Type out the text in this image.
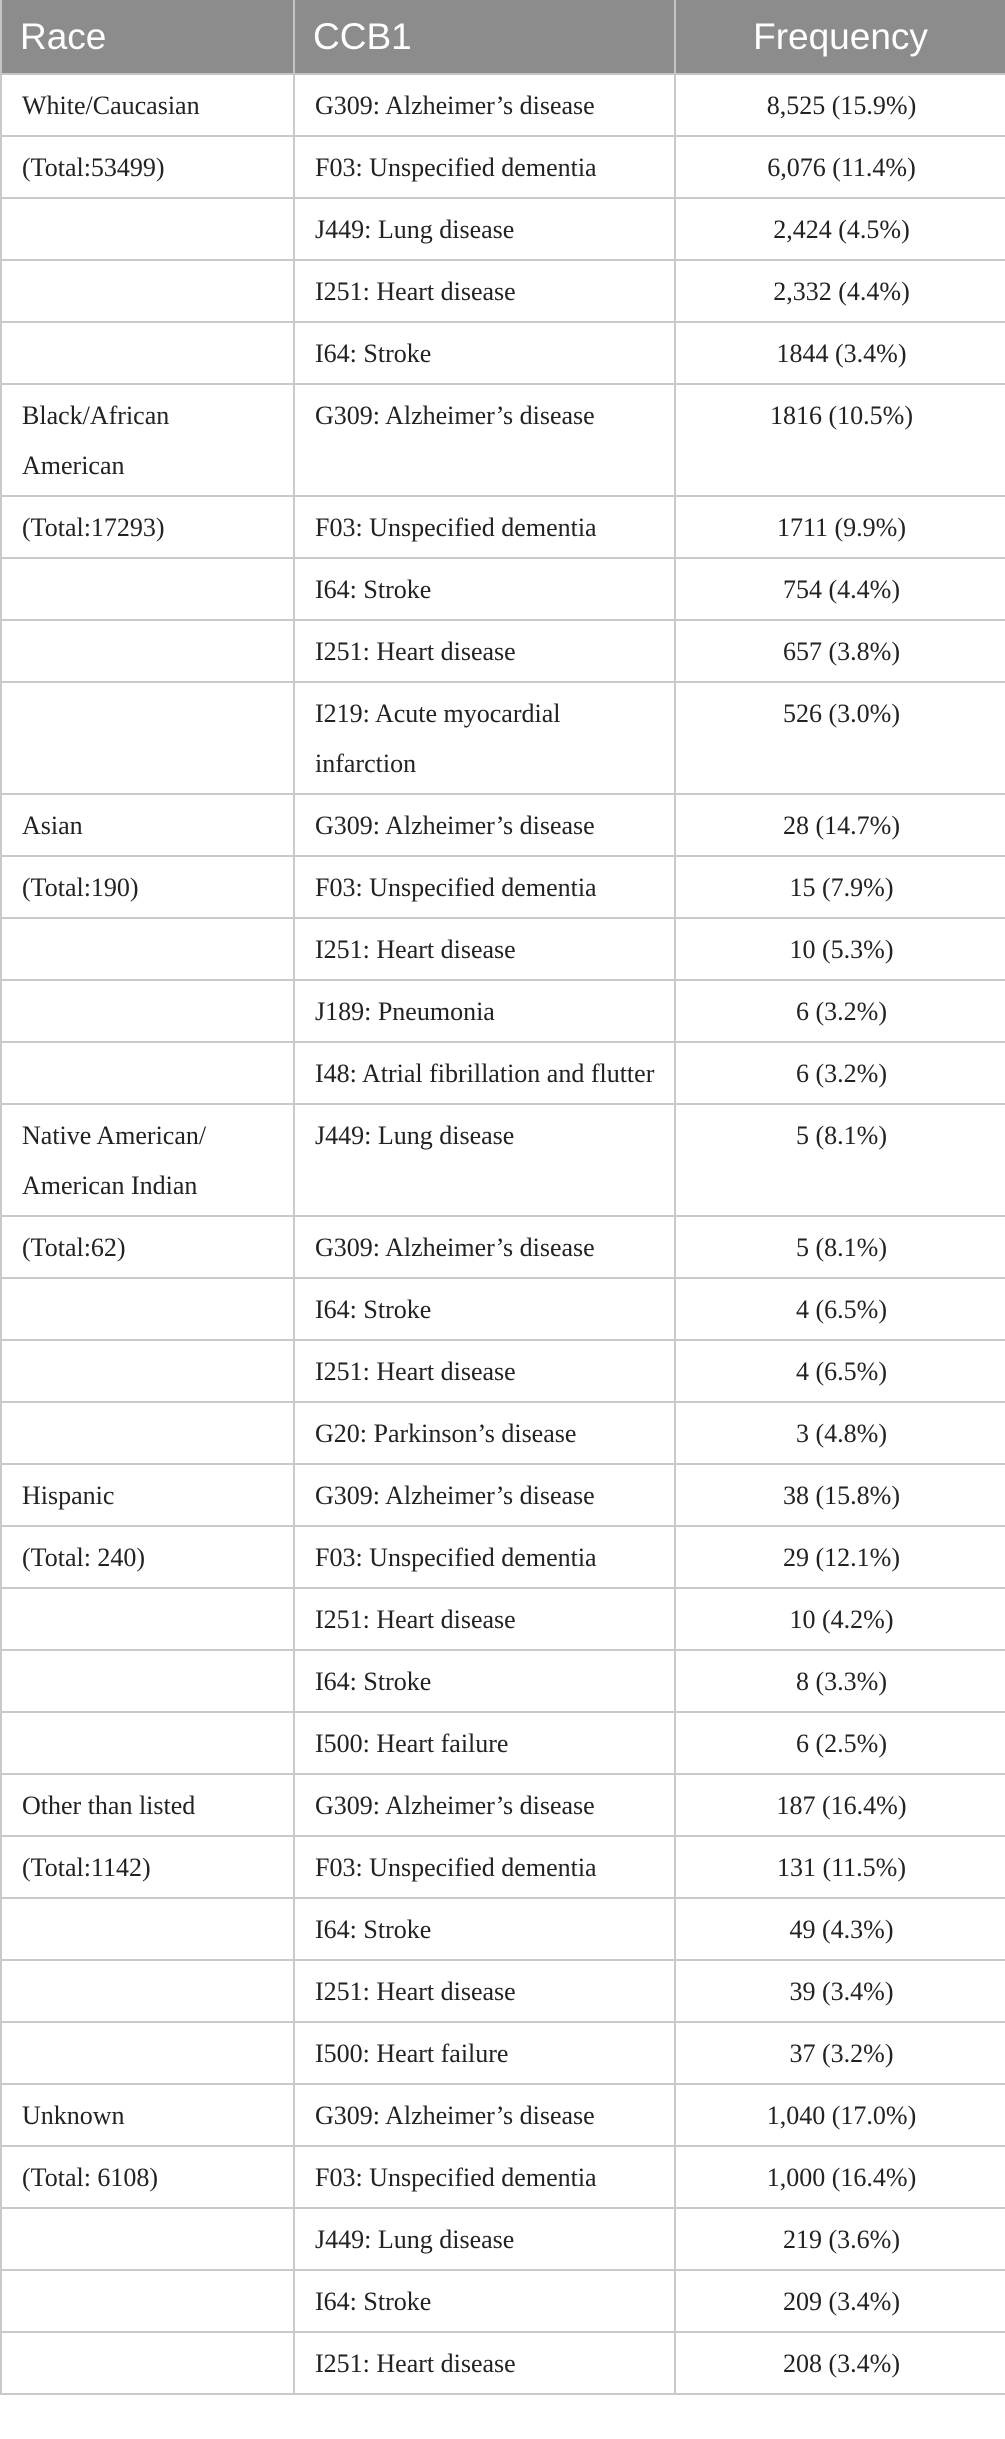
Race	CCB1	Frequency
White/Caucasian	G309: Alzheimer’s disease	8,525 (15.9%)
(Total:53499)	F03: Unspecified dementia	6,076 (11.4%)
	J449: Lung disease	2,424 (4.5%)
	I251: Heart disease	2,332 (4.4%)
	I64: Stroke	1844 (3.4%)
Black/African American	G309: Alzheimer’s disease	1816 (10.5%)
(Total:17293)	F03: Unspecified dementia	1711 (9.9%)
	I64: Stroke	754 (4.4%)
	I251: Heart disease	657 (3.8%)
	I219: Acute myocardial infarction	526 (3.0%)
Asian	G309: Alzheimer’s disease	28 (14.7%)
(Total:190)	F03: Unspecified dementia	15 (7.9%)
	I251: Heart disease	10 (5.3%)
	J189: Pneumonia	6 (3.2%)
	I48: Atrial fibrillation and flutter	6 (3.2%)
Native American/ American Indian	J449: Lung disease	5 (8.1%)
(Total:62)	G309: Alzheimer’s disease	5 (8.1%)
	I64: Stroke	4 (6.5%)
	I251: Heart disease	4 (6.5%)
	G20: Parkinson’s disease	3 (4.8%)
Hispanic	G309: Alzheimer’s disease	38 (15.8%)
(Total: 240)	F03: Unspecified dementia	29 (12.1%)
	I251: Heart disease	10 (4.2%)
	I64: Stroke	8 (3.3%)
	I500: Heart failure	6 (2.5%)
Other than listed	G309: Alzheimer’s disease	187 (16.4%)
(Total:1142)	F03: Unspecified dementia	131 (11.5%)
	I64: Stroke	49 (4.3%)
	I251: Heart disease	39 (3.4%)
	I500: Heart failure	37 (3.2%)
Unknown	G309: Alzheimer’s disease	1,040 (17.0%)
(Total: 6108)	F03: Unspecified dementia	1,000 (16.4%)
	J449: Lung disease	219 (3.6%)
	I64: Stroke	209 (3.4%)
	I251: Heart disease	208 (3.4%)
